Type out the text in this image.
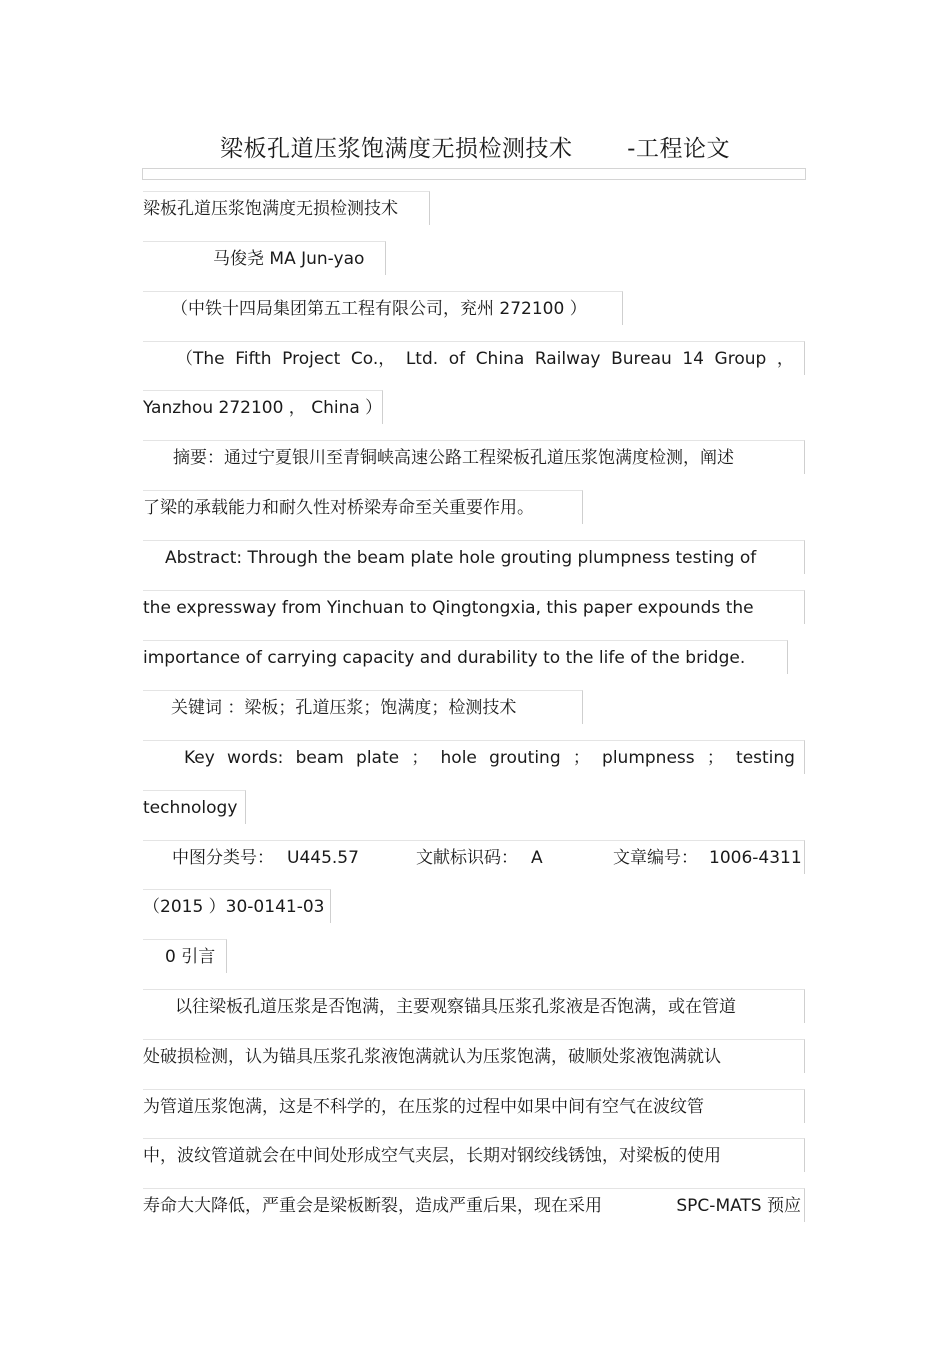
梁板孔道压浆饱满度无损检测技术       -工程论文
梁板孔道压浆饱满度无损检测技术
马俊尧 MA Jun-yao
（中铁十四局集团第五工程有限公司，兖州 272100 ）
（The Fifth Project Co.， Ltd. of China Railway Bureau 14 Group ，
Yanzhou 272100 ， China ）
摘要：通过宁夏银川至青铜峡高速公路工程梁板孔道压浆饱满度检测，阐述
了梁的承载能力和耐久性对桥梁寿命至关重要作用。
Abstract: Through the beam plate hole grouting plumpness testing of
the expressway from Yinchuan to Qingtongxia, this paper expounds the
importance of carrying capacity and durability to the life of the bridge.
关键词 ：梁板；孔道压浆；饱满度；检测技术
Key words: beam plate ； hole grouting ； plumpness ； testing
technology
中图分类号： U445.57	文献标识码： A	文章编号： 1006-4311
（2015 ）30-0141-03
0 引言
以往梁板孔道压浆是否饱满，主要观察锚具压浆孔浆液是否饱满，或在管道
处破损检测，认为锚具压浆孔浆液饱满就认为压浆饱满，破顺处浆液饱满就认
为管道压浆饱满，这是不科学的，在压浆的过程中如果中间有空气在波纹管
中，波纹管道就会在中间处形成空气夹层，长期对钢绞线锈蚀，对梁板的使用
寿命大大降低，严重会是梁板断裂，造成严重后果，现在采用	SPC-MATS 预应
